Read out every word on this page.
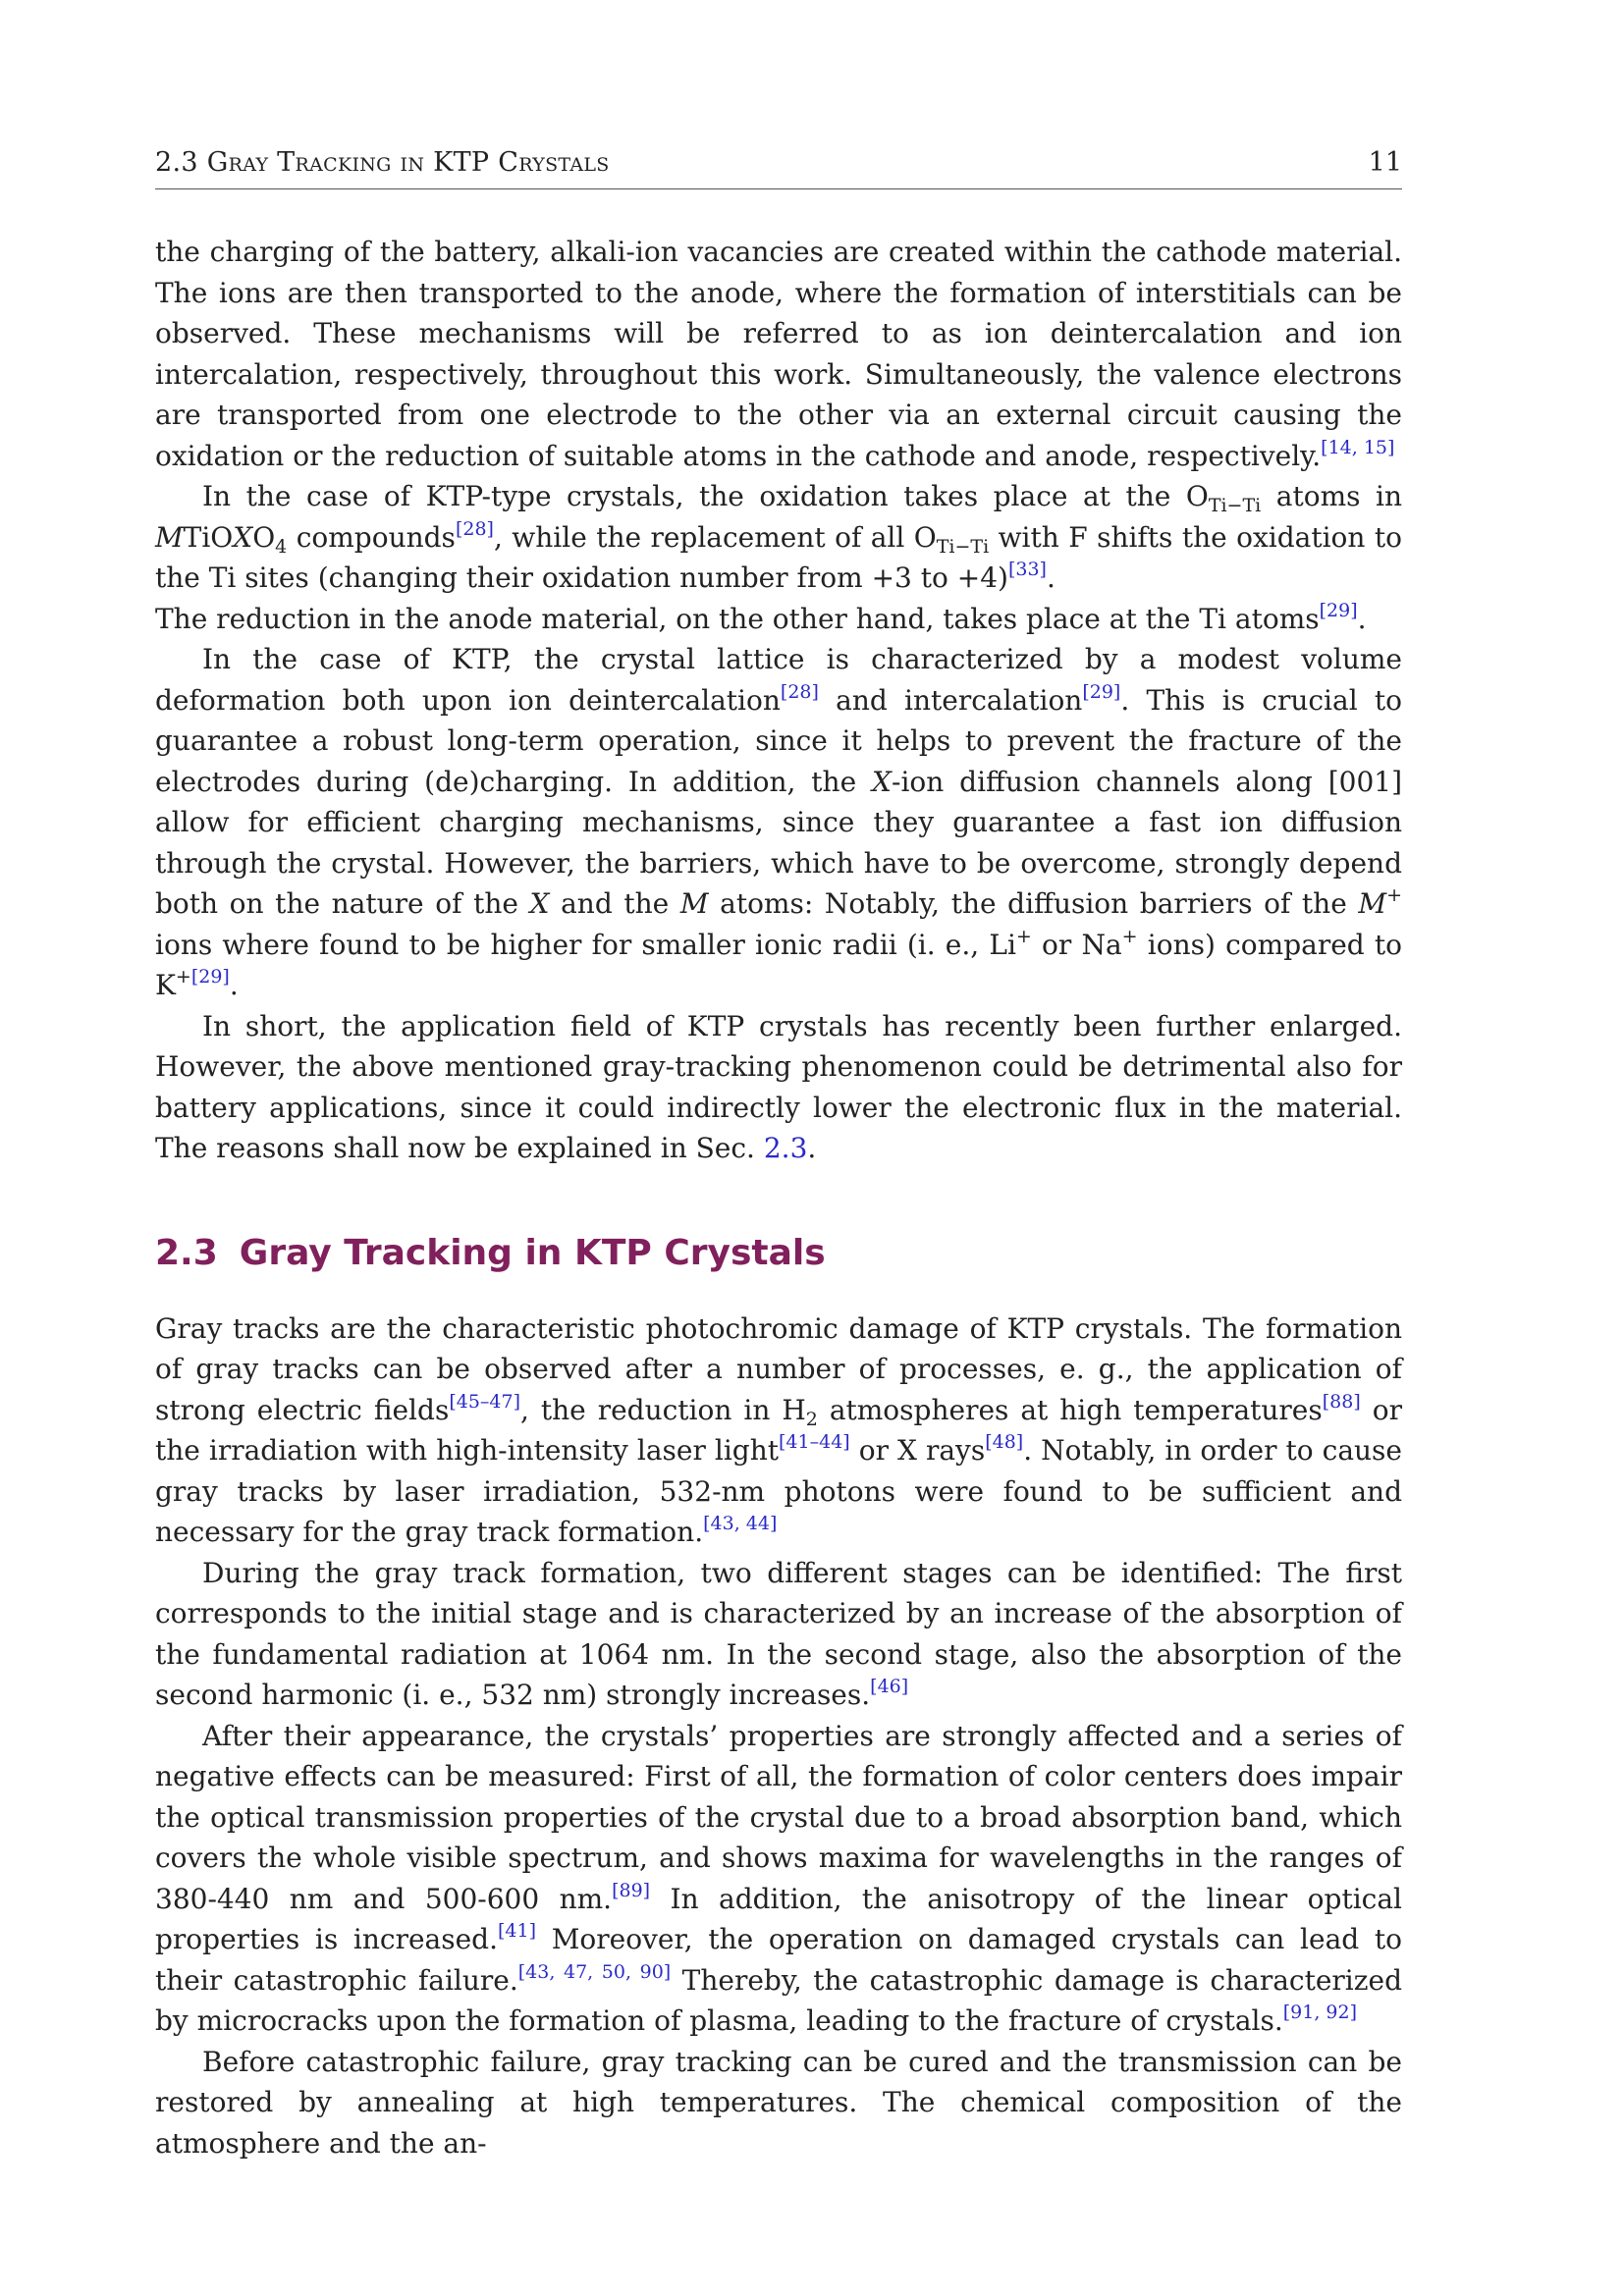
2.3 Gray Tracking in KTP Crystals	11

the charging of the battery, alkali-ion vacancies are created within the cathode material. The ions are then transported to the anode, where the formation of interstitials can be observed. These mechanisms will be referred to as ion deintercalation and ion intercalation, respectively, throughout this work. Simultaneously, the valence electrons are transported from one electrode to the other via an external circuit causing the oxidation or the reduction of suitable atoms in the cathode and anode, respectively.[14, 15]

In the case of KTP-type crystals, the oxidation takes place at the $O_{Ti-Ti}$ atoms in MTiOXO$_4$ compounds[28], while the replacement of all $O_{Ti-Ti}$ with F shifts the oxidation to the Ti sites (changing their oxidation number from +3 to +4)[33].

The reduction in the anode material, on the other hand, takes place at the Ti atoms[29].

In the case of KTP, the crystal lattice is characterized by a modest volume deformation both upon ion deintercalation[28] and intercalation[29]. This is crucial to guarantee a robust long-term operation, since it helps to prevent the fracture of the electrodes during (de)charging. In addition, the X-ion diffusion channels along [001] allow for efficient charging mechanisms, since they guarantee a fast ion diffusion through the crystal. However, the barriers, which have to be overcome, strongly depend both on the nature of the X and the M atoms: Notably, the diffusion barriers of the M+ ions where found to be higher for smaller ionic radii (i. e., Li+ or Na+ ions) compared to K$^{+[29]}$.

In short, the application field of KTP crystals has recently been further enlarged. However, the above mentioned gray-tracking phenomenon could be detrimental also for battery applications, since it could indirectly lower the electronic flux in the material. The reasons shall now be explained in Sec. 2.3.

2.3 Gray Tracking in KTP Crystals

Gray tracks are the characteristic photochromic damage of KTP crystals. The formation of gray tracks can be observed after a number of processes, e. g., the application of strong electric fields[45–47], the reduction in $H_2$ atmospheres at high temperatures[88] or the irradiation with high-intensity laser light[41–44] or X rays[48]. Notably, in order to cause gray tracks by laser irradiation, 532-nm photons were found to be sufficient and necessary for the gray track formation.[43, 44]

During the gray track formation, two different stages can be identified: The first corresponds to the initial stage and is characterized by an increase of the absorption of the fundamental radiation at 1064 nm. In the second stage, also the absorption of the second harmonic (i. e., 532 nm) strongly increases.[46]

After their appearance, the crystals’ properties are strongly affected and a series of negative effects can be measured: First of all, the formation of color centers does impair the optical transmission properties of the crystal due to a broad absorption band, which covers the whole visible spectrum, and shows maxima for wavelengths in the ranges of 380-440 nm and 500-600 nm.[89] In addition, the anisotropy of the linear optical properties is increased.[41] Moreover, the operation on damaged crystals can lead to their catastrophic failure.[43, 47, 50, 90] Thereby, the catastrophic damage is characterized by microcracks upon the formation of plasma, leading to the fracture of crystals.[91, 92]

Before catastrophic failure, gray tracking can be cured and the transmission can be restored by annealing at high temperatures. The chemical composition of the atmosphere and the an-
